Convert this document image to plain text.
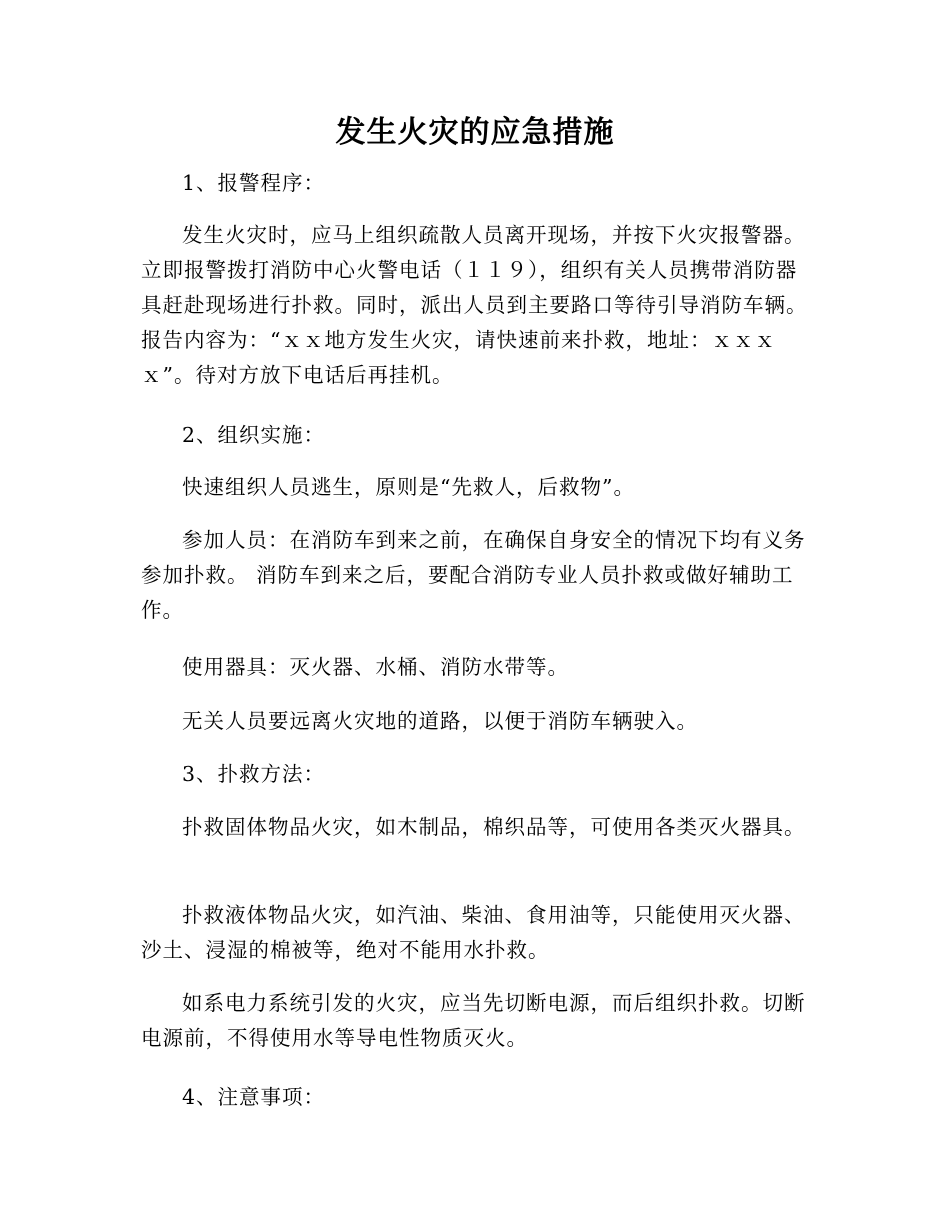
发生火灾的应急措施

1、报警程序：

发生火灾时，应马上组织疏散人员离开现场，并按下火灾报警器。立即报警拨打消防中心火警电话（１１９），组织有关人员携带消防器具赶赴现场进行扑救。同时，派出人员到主要路口等待引导消防车辆。报告内容为：“ｘｘ地方发生火灾，请快速前来扑救，地址：ｘｘｘｘ”。待对方放下电话后再挂机。

2、组织实施：

快速组织人员逃生，原则是“先救人，后救物”。

参加人员：在消防车到来之前，在确保自身安全的情况下均有义务参加扑救。 消防车到来之后，要配合消防专业人员扑救或做好辅助工作。

使用器具：灭火器、水桶、消防水带等。

无关人员要远离火灾地的道路，以便于消防车辆驶入。

3、扑救方法：

扑救固体物品火灾，如木制品，棉织品等，可使用各类灭火器具。

扑救液体物品火灾，如汽油、柴油、食用油等，只能使用灭火器、沙土、浸湿的棉被等，绝对不能用水扑救。

如系电力系统引发的火灾，应当先切断电源，而后组织扑救。切断电源前，不得使用水等导电性物质灭火。

4、注意事项：
